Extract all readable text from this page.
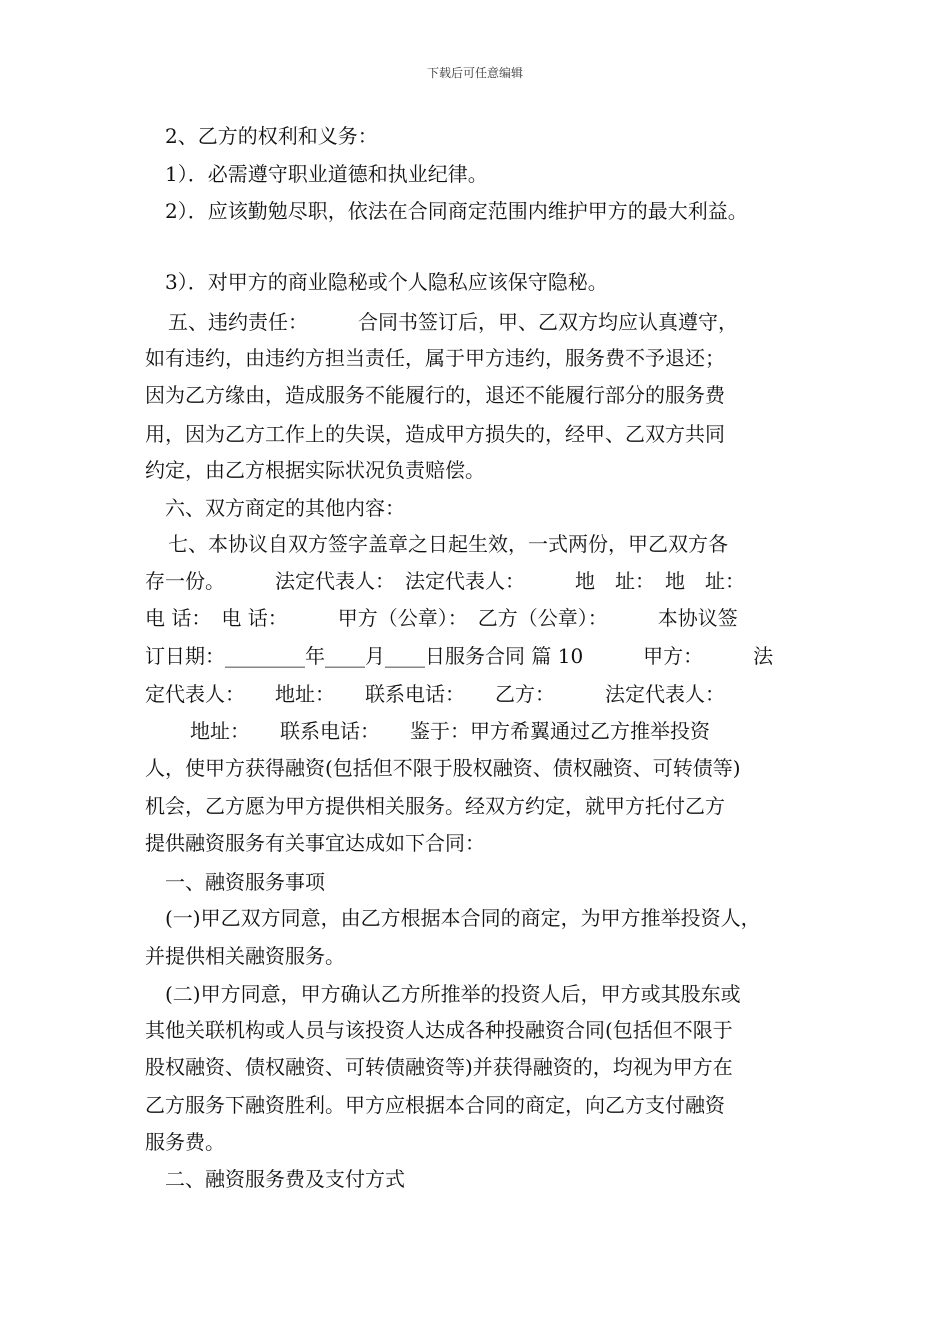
下载后可任意编辑
2、乙方的权利和义务：
1）．必需遵守职业道德和执业纪律。
2）．应该勤勉尽职，依法在合同商定范围内维护甲方的最大利益。
3）．对甲方的商业隐秘或个人隐私应该保守隐秘。
五、违约责任：　　　合同书签订后，甲、乙双方均应认真遵守，
如有违约，由违约方担当责任，属于甲方违约，服务费不予退还；
因为乙方缘由，造成服务不能履行的，退还不能履行部分的服务费
用，因为乙方工作上的失误，造成甲方损失的，经甲、乙双方共同
约定，由乙方根据实际状况负责赔偿。
六、双方商定的其他内容：
七、本协议自双方签字盖章之日起生效，一式两份，甲乙双方各
存一份。　　　法定代表人：　法定代表人：　　　地　址：　地　址：
电 话：　电 话：　　　甲方（公章）：　乙方（公章）：　　　本协议签
订日期：________年____月____日服务合同 篇 10　　　甲方：　　　法
定代表人：　　地址：　　联系电话：　　乙方：　　　法定代表人：
地址：　　联系电话：　　鉴于：甲方希翼通过乙方推举投资
人，使甲方获得融资(包括但不限于股权融资、债权融资、可转债等)
机会，乙方愿为甲方提供相关服务。经双方约定，就甲方托付乙方
提供融资服务有关事宜达成如下合同：
一、融资服务事项
(一)甲乙双方同意，由乙方根据本合同的商定，为甲方推举投资人，
并提供相关融资服务。
(二)甲方同意，甲方确认乙方所推举的投资人后，甲方或其股东或
其他关联机构或人员与该投资人达成各种投融资合同(包括但不限于
股权融资、债权融资、可转债融资等)并获得融资的，均视为甲方在
乙方服务下融资胜利。甲方应根据本合同的商定，向乙方支付融资
服务费。
二、融资服务费及支付方式
